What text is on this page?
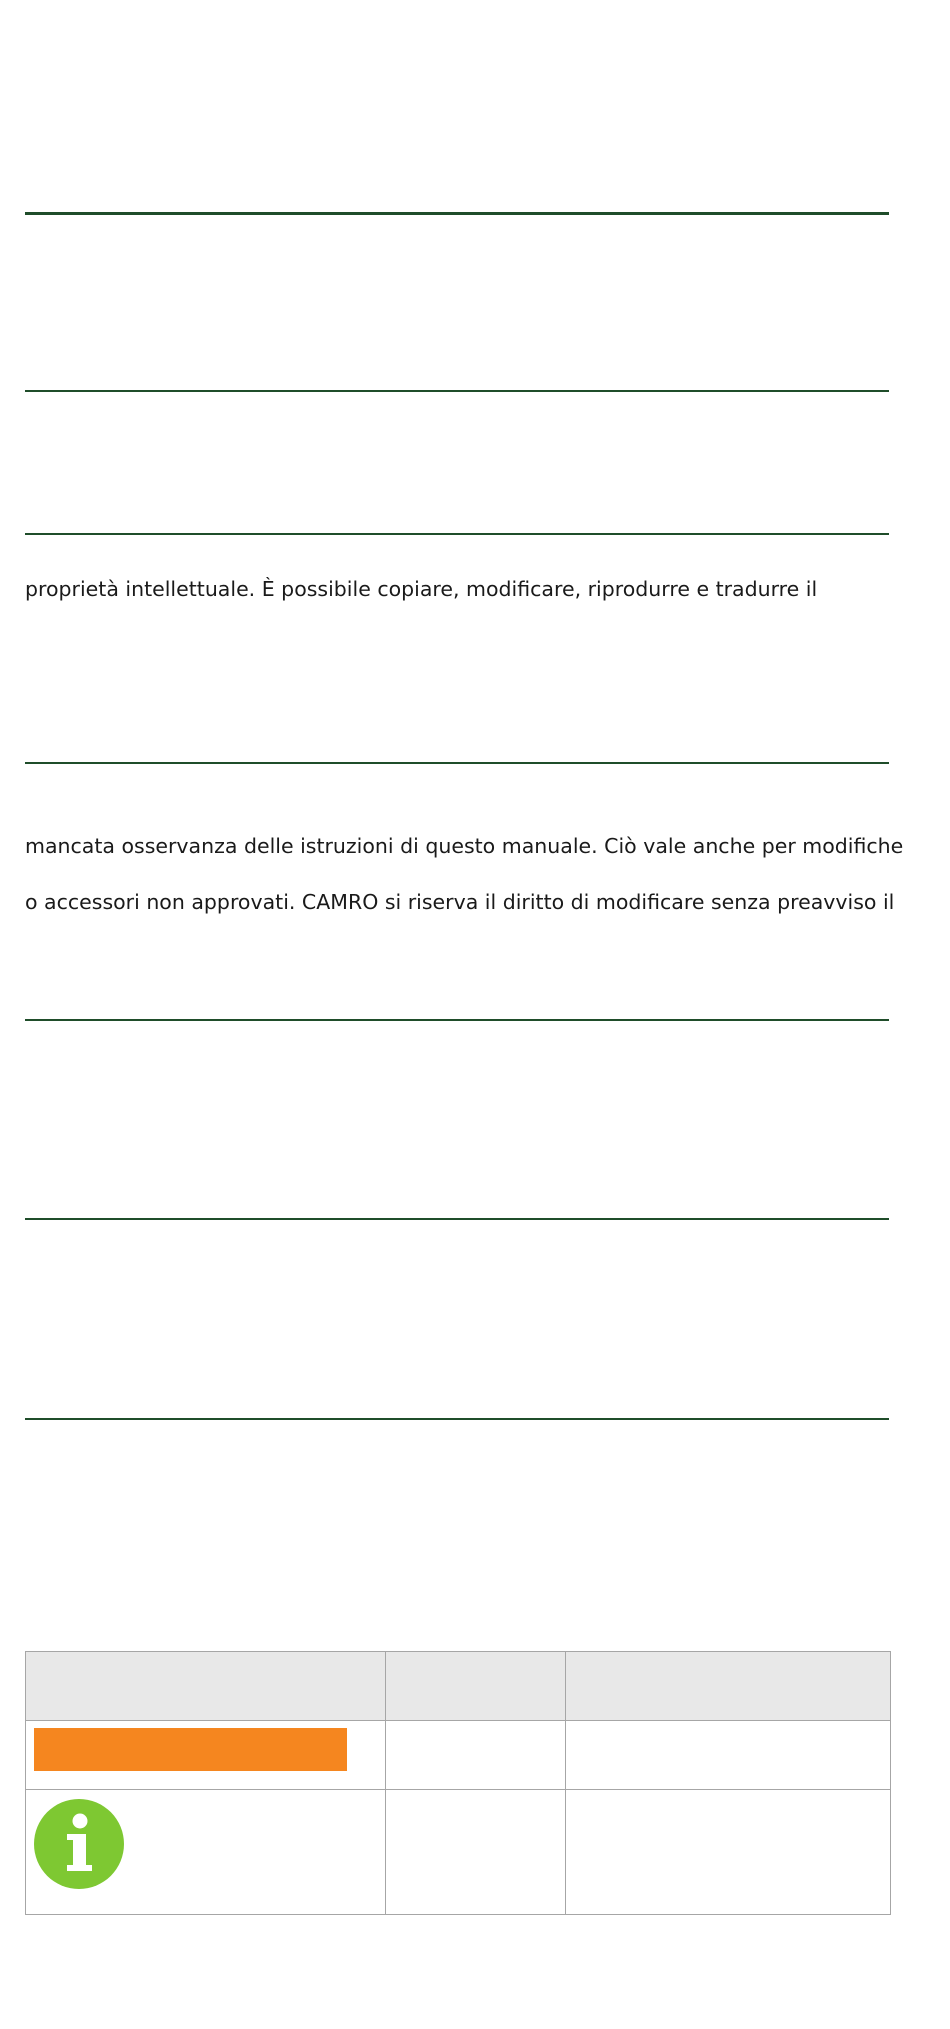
proprietà intellettuale. È possibile copiare, modificare, riprodurre e tradurre il
mancata osservanza delle istruzioni di questo manuale. Ciò vale anche per modifiche
o accessori non approvati. CAMRO si riserva il diritto di modificare senza preavviso il
